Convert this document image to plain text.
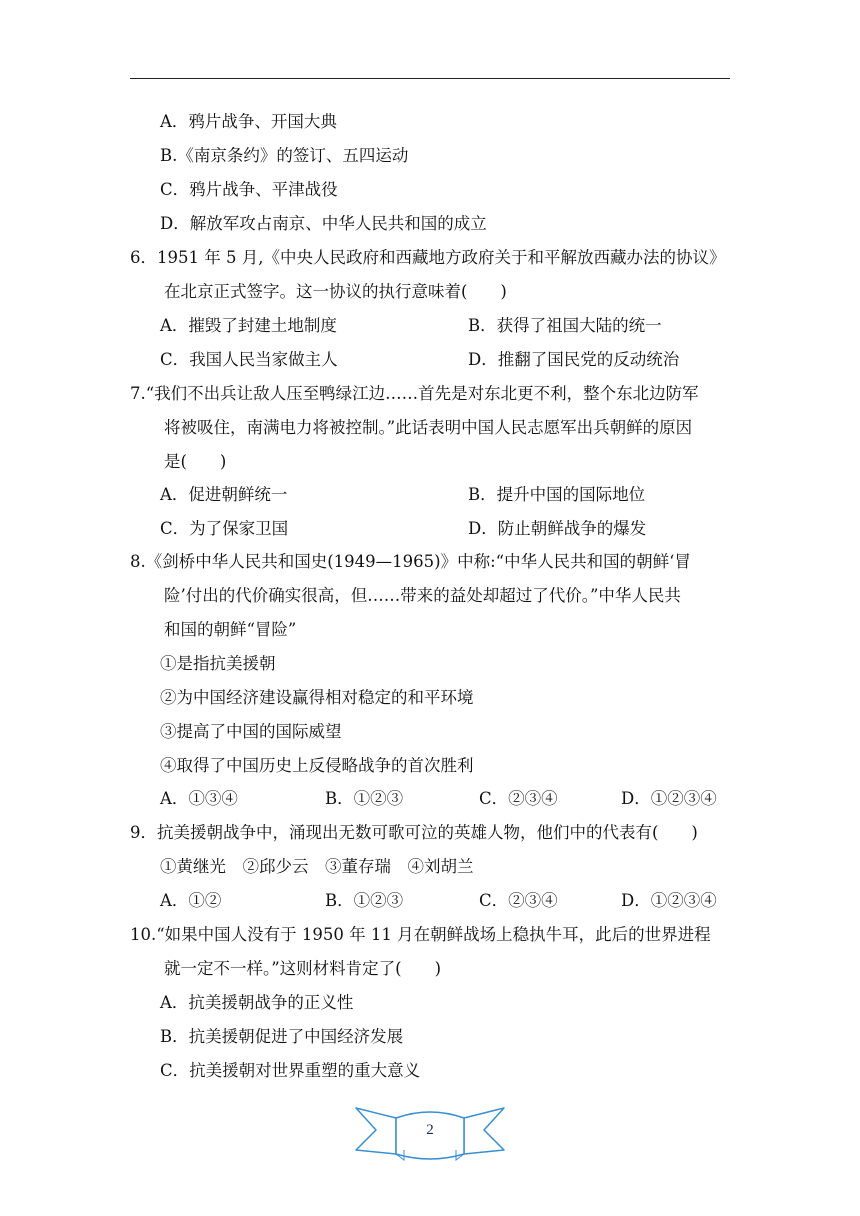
A．鸦片战争、开国大典
B.《南京条约》的签订、五四运动
C．鸦片战争、平津战役
D．解放军攻占南京、中华人民共和国的成立
6．1951 年 5 月,《中央人民政府和西藏地方政府关于和平解放西藏办法的协议》
在北京正式签字。这一协议的执行意味着(　　)
A．摧毁了封建土地制度	B．获得了祖国大陆的统一
C．我国人民当家做主人	D．推翻了国民党的反动统治
7.“我们不出兵让敌人压至鸭绿江边……首先是对东北更不利，整个东北边防军
将被吸住，南满电力将被控制。”此话表明中国人民志愿军出兵朝鲜的原因
是(　　)
A．促进朝鲜统一	B．提升中国的国际地位
C．为了保家卫国	D．防止朝鲜战争的爆发
8.《剑桥中华人民共和国史(1949—1965)》中称:“中华人民共和国的朝鲜‘冒
险’付出的代价确实很高，但……带来的益处却超过了代价。”中华人民共
和国的朝鲜“冒险”
①是指抗美援朝
②为中国经济建设赢得相对稳定的和平环境
③提高了中国的国际威望
④取得了中国历史上反侵略战争的首次胜利
A．①③④	B．①②③	C．②③④	D．①②③④
9．抗美援朝战争中，涌现出无数可歌可泣的英雄人物，他们中的代表有(　　)
①黄继光　②邱少云　③董存瑞　④刘胡兰
A．①②	B．①②③	C．②③④	D．①②③④
10.“如果中国人没有于 1950 年 11 月在朝鲜战场上稳执牛耳，此后的世界进程
就一定不一样。”这则材料肯定了(　　)
A．抗美援朝战争的正义性
B．抗美援朝促进了中国经济发展
C．抗美援朝对世界重塑的重大意义
2
